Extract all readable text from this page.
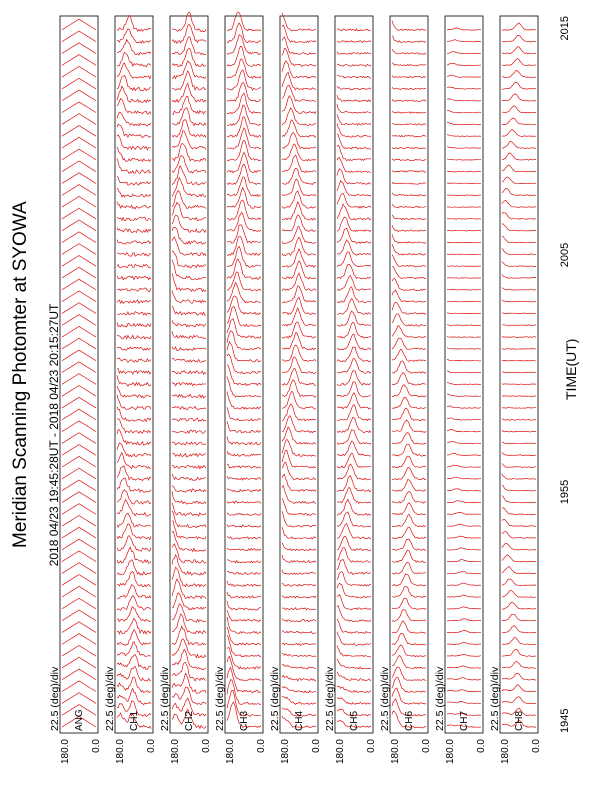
Meridian Scanning Photomter at SYOWA 2018 04/23 19:45:28UT - 2018 04/23 20:15:27UT	TIME(UT)
1945
1955
2005
2015
22.5 (deg)/div
180.0 0.0
ANG 22.5 (deg)/div
180.0 0.0
CH1 22.5 (deg)/div
180.0 0.0
CH2 22.5 (deg)/div
180.0 0.0
CH3 22.5 (deg)/div
180.0 0.0
CH4 22.5 (deg)/div
180.0 0.0
CH5 22.5 (deg)/div
180.0 0.0
CH6 22.5 (deg)/div
180.0 0.0
CH7 22.5 (deg)/div
180.0 0.0
CH8
